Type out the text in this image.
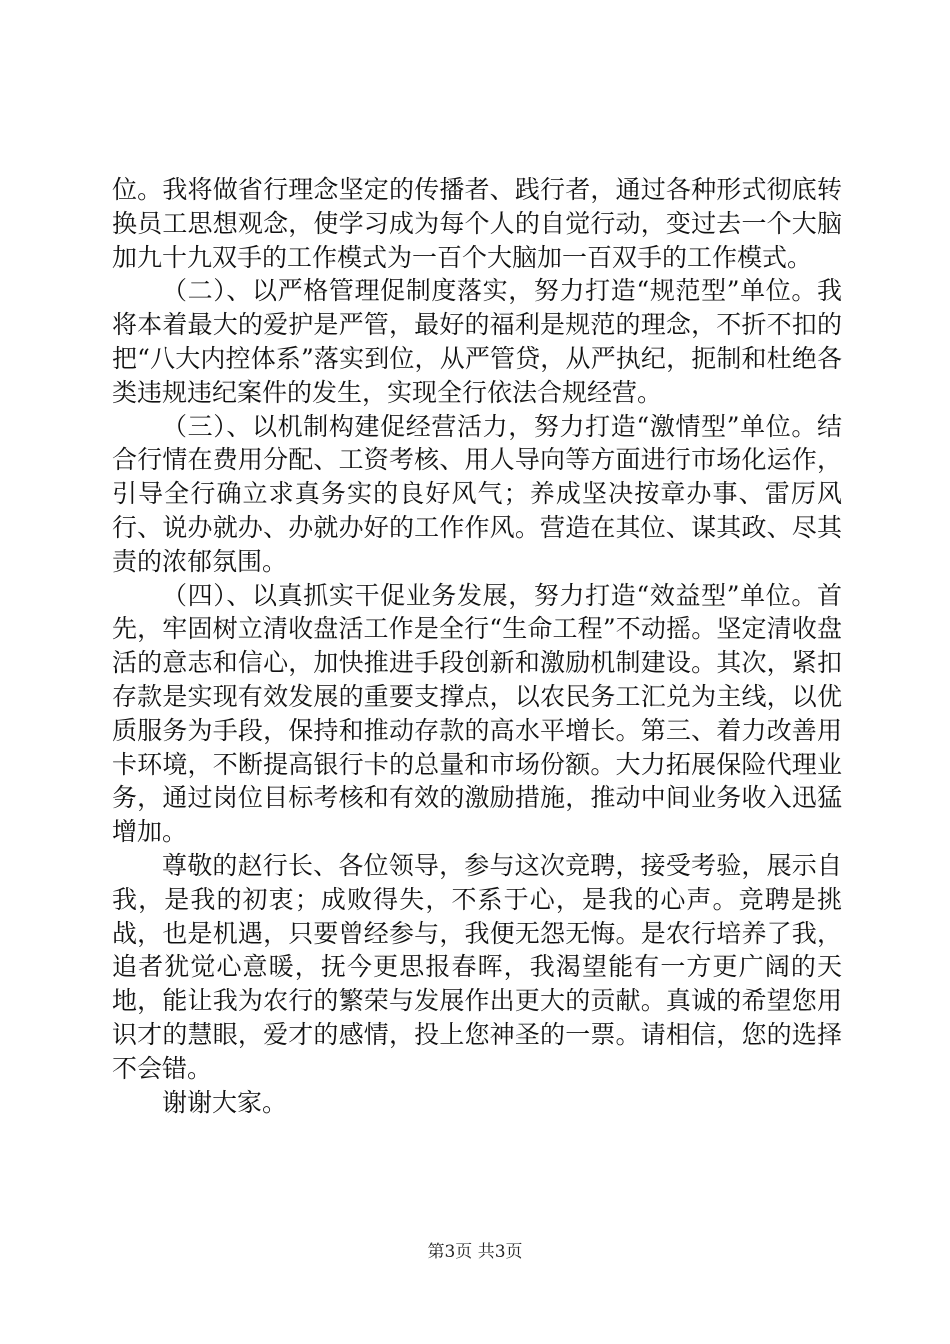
位。我将做省行理念坚定的传播者、践行者，通过各种形式彻底转换员工思想观念，使学习成为每个人的自觉行动，变过去一个大脑加九十九双手的工作模式为一百个大脑加一百双手的工作模式。

（二）、以严格管理促制度落实，努力打造“规范型”单位。我将本着最大的爱护是严管，最好的福利是规范的理念，不折不扣的把“八大内控体系”落实到位，从严管贷，从严执纪，扼制和杜绝各类违规违纪案件的发生，实现全行依法合规经营。

（三）、以机制构建促经营活力，努力打造“激情型”单位。结合行情在费用分配、工资考核、用人导向等方面进行市场化运作，引导全行确立求真务实的良好风气；养成坚决按章办事、雷厉风行、说办就办、办就办好的工作作风。营造在其位、谋其政、尽其责的浓郁氛围。

（四）、以真抓实干促业务发展，努力打造“效益型”单位。首先，牢固树立清收盘活工作是全行“生命工程”不动摇。坚定清收盘活的意志和信心，加快推进手段创新和激励机制建设。其次，紧扣存款是实现有效发展的重要支撑点，以农民务工汇兑为主线，以优质服务为手段，保持和推动存款的高水平增长。第三、着力改善用卡环境，不断提高银行卡的总量和市场份额。大力拓展保险代理业务，通过岗位目标考核和有效的激励措施，推动中间业务收入迅猛增加。

尊敬的赵行长、各位领导，参与这次竞聘，接受考验，展示自我，是我的初衷；成败得失，不系于心，是我的心声。竞聘是挑战，也是机遇，只要曾经参与，我便无怨无悔。是农行培养了我，追者犹觉心意暖，抚今更思报春晖，我渴望能有一方更广阔的天地，能让我为农行的繁荣与发展作出更大的贡献。真诚的希望您用识才的慧眼，爱才的感情，投上您神圣的一票。请相信，您的选择不会错。

谢谢大家。

第3页 共3页
